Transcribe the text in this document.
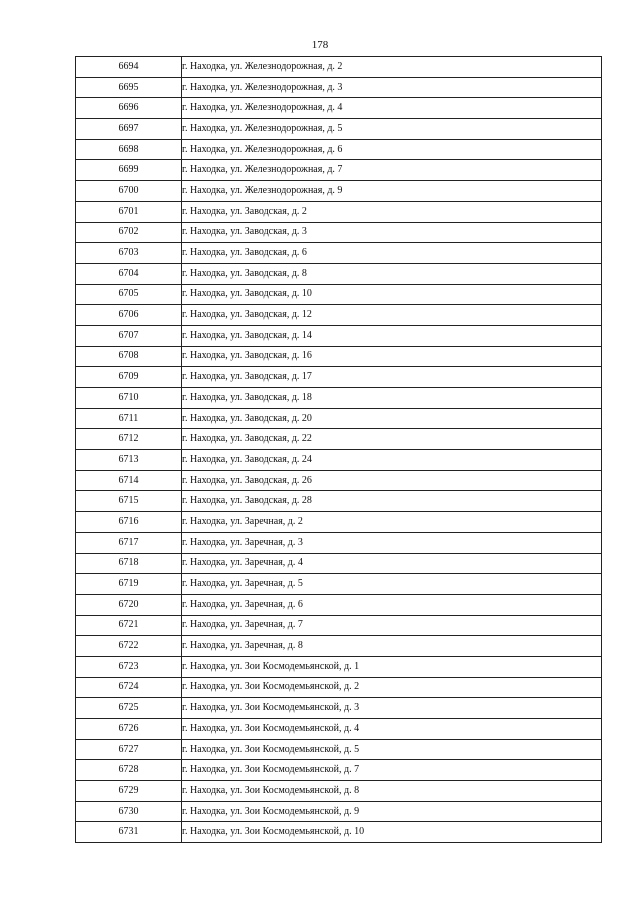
178
6694	г. Находка, ул. Железнодорожная, д. 2
6695	г. Находка, ул. Железнодорожная, д. 3
6696	г. Находка, ул. Железнодорожная, д. 4
6697	г. Находка, ул. Железнодорожная, д. 5
6698	г. Находка, ул. Железнодорожная, д. 6
6699	г. Находка, ул. Железнодорожная, д. 7
6700	г. Находка, ул. Железнодорожная, д. 9
6701	г. Находка, ул. Заводская, д. 2
6702	г. Находка, ул. Заводская, д. 3
6703	г. Находка, ул. Заводская, д. 6
6704	г. Находка, ул. Заводская, д. 8
6705	г. Находка, ул. Заводская, д. 10
6706	г. Находка, ул. Заводская, д. 12
6707	г. Находка, ул. Заводская, д. 14
6708	г. Находка, ул. Заводская, д. 16
6709	г. Находка, ул. Заводская, д. 17
6710	г. Находка, ул. Заводская, д. 18
6711	г. Находка, ул. Заводская, д. 20
6712	г. Находка, ул. Заводская, д. 22
6713	г. Находка, ул. Заводская, д. 24
6714	г. Находка, ул. Заводская, д. 26
6715	г. Находка, ул. Заводская, д. 28
6716	г. Находка, ул. Заречная, д. 2
6717	г. Находка, ул. Заречная, д. 3
6718	г. Находка, ул. Заречная, д. 4
6719	г. Находка, ул. Заречная, д. 5
6720	г. Находка, ул. Заречная, д. 6
6721	г. Находка, ул. Заречная, д. 7
6722	г. Находка, ул. Заречная, д. 8
6723	г. Находка, ул. Зои Космодемьянской, д. 1
6724	г. Находка, ул. Зои Космодемьянской, д. 2
6725	г. Находка, ул. Зои Космодемьянской, д. 3
6726	г. Находка, ул. Зои Космодемьянской, д. 4
6727	г. Находка, ул. Зои Космодемьянской, д. 5
6728	г. Находка, ул. Зои Космодемьянской, д. 7
6729	г. Находка, ул. Зои Космодемьянской, д. 8
6730	г. Находка, ул. Зои Космодемьянской, д. 9
6731	г. Находка, ул. Зои Космодемьянской, д. 10
